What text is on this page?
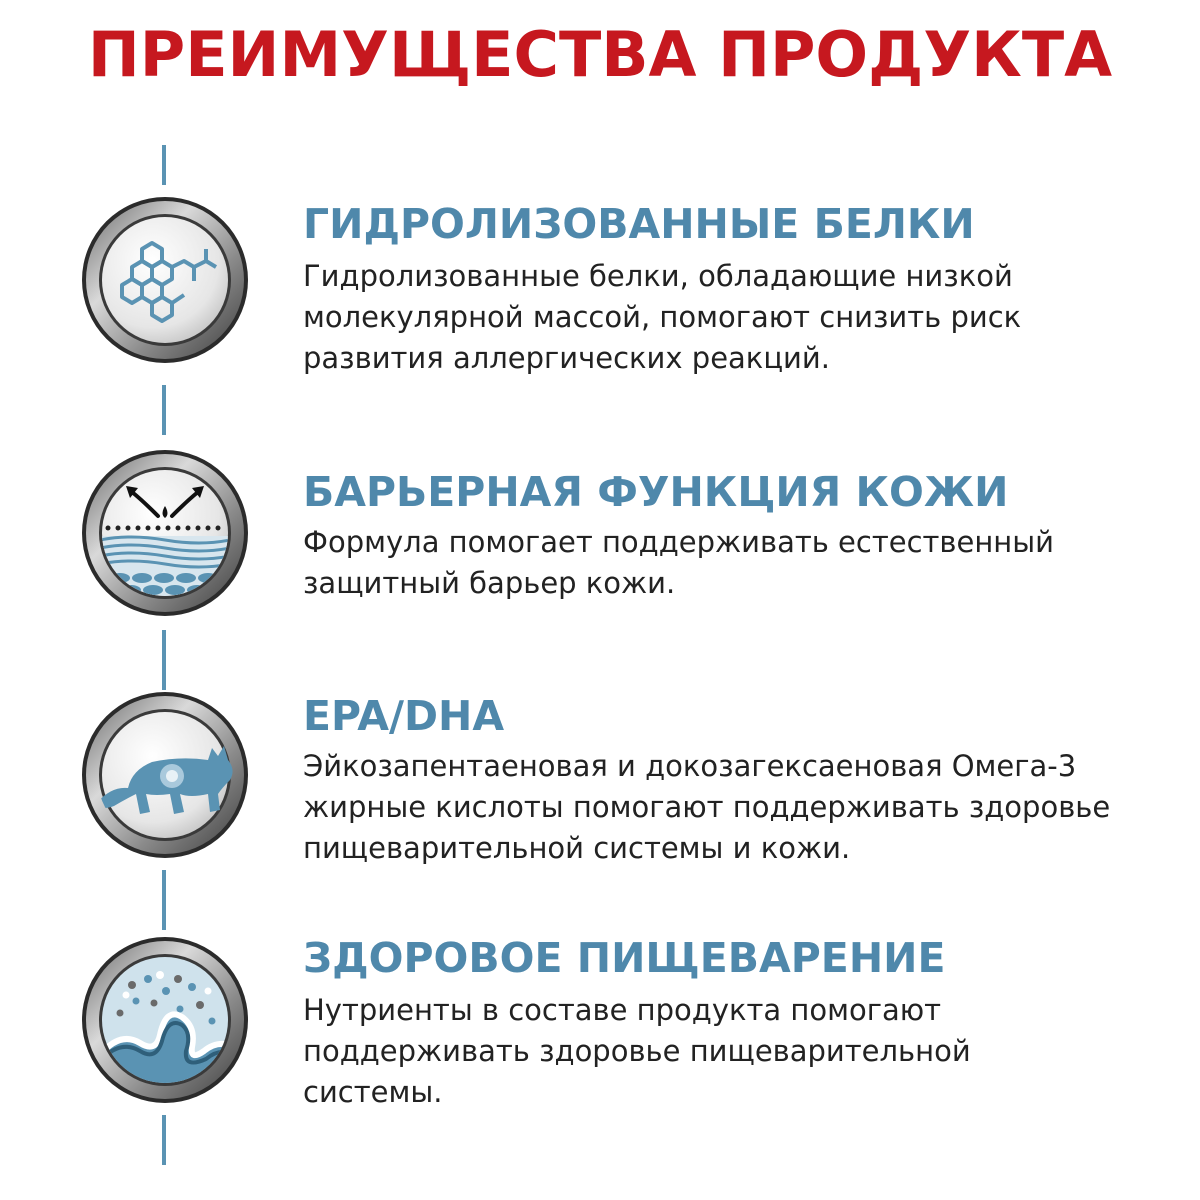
ПРЕИМУЩЕСТВА ПРОДУКТА
ГИДРОЛИЗОВАННЫЕ БЕЛКИ

Гидролизованные белки, обладающие низкой
молекулярной массой, помогают снизить риск
развития аллергических реакций.

БАРЬЕРНАЯ ФУНКЦИЯ КОЖИ

Формула помогает поддерживать естественный
защитный барьер кожи.

EPA/DHA

Эйкозапентаеновая и докозагексаеновая Омега-3
жирные кислоты помогают поддерживать здоровье
пищеварительной системы и кожи.

ЗДОРОВОЕ ПИЩЕВАРЕНИЕ

Нутриенты в составе продукта помогают
поддерживать здоровье пищеварительной
системы.
